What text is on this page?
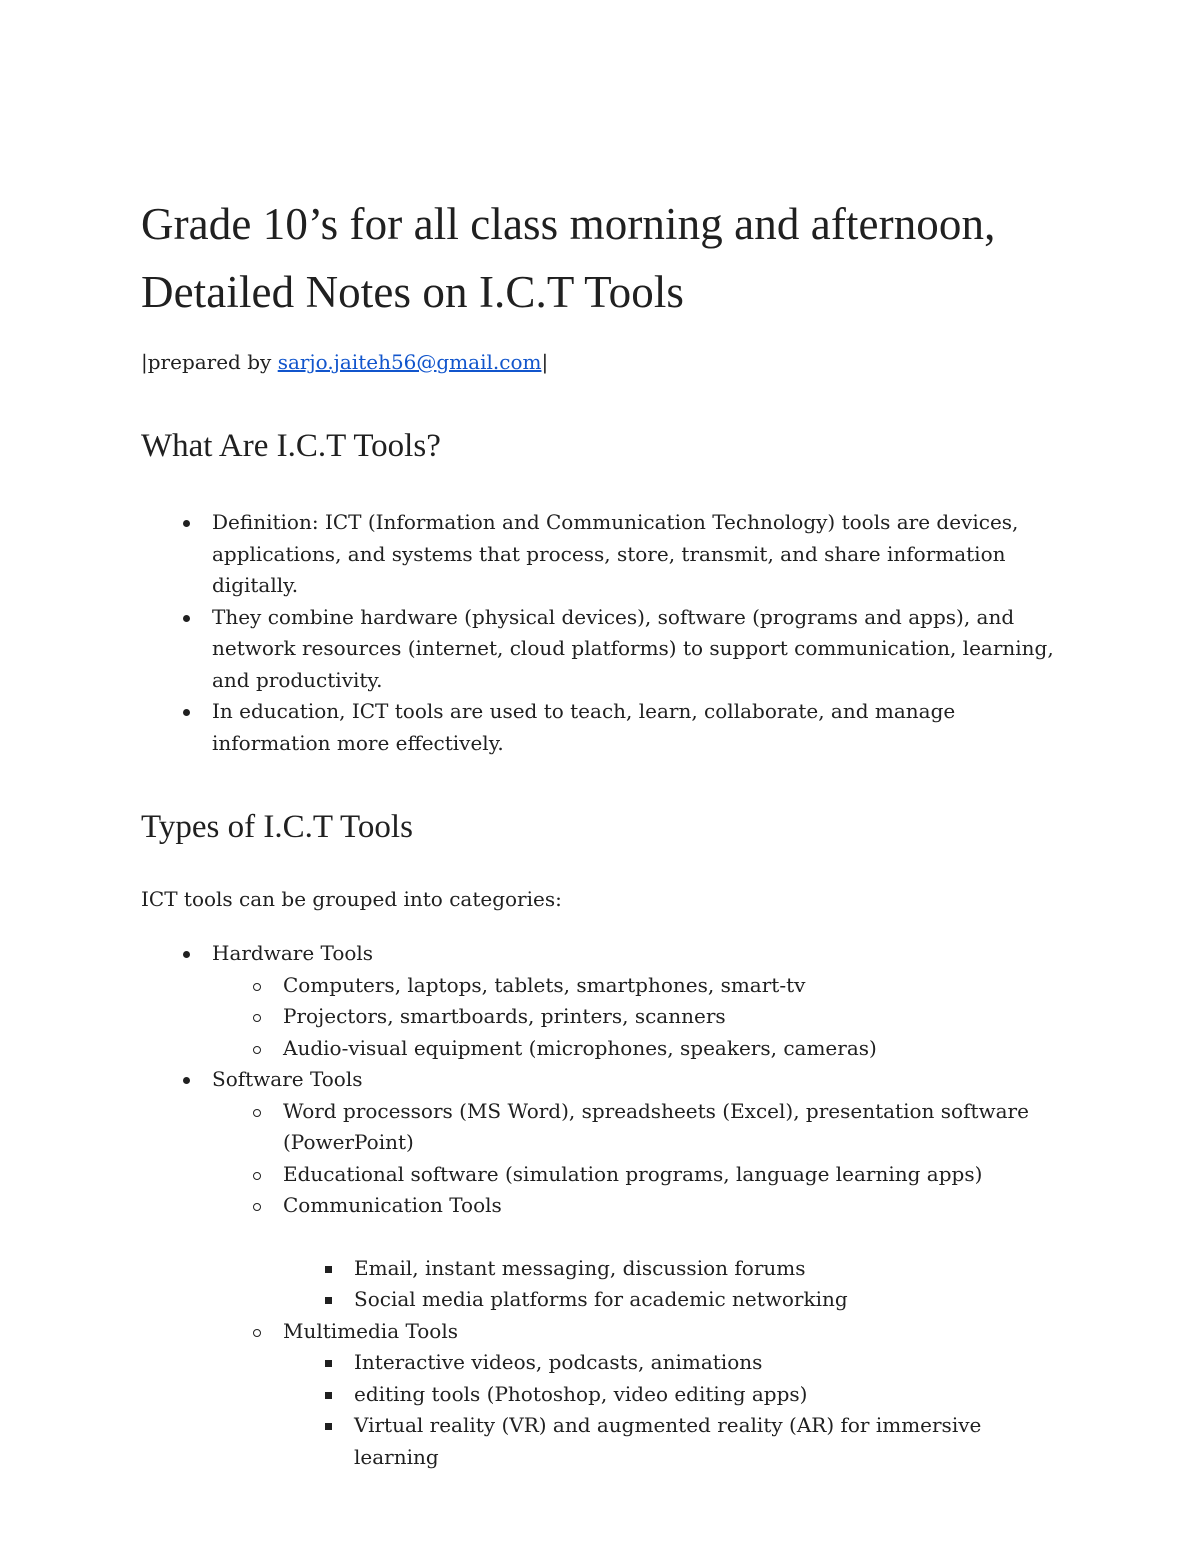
Grade 10’s for all class morning and afternoon, Detailed Notes on I.C.T Tools
|prepared by sarjo.jaiteh56@gmail.com|
What Are I.C.T Tools?
Definition: ICT (Information and Communication Technology) tools are devices, applications, and systems that process, store, transmit, and share information digitally.
They combine hardware (physical devices), software (programs and apps), and network resources (internet, cloud platforms) to support communication, learning, and productivity.
In education, ICT tools are used to teach, learn, collaborate, and manage information more effectively.
Types of I.C.T Tools
ICT tools can be grouped into categories:
Hardware Tools
Computers, laptops, tablets, smartphones, smart-tv
Projectors, smartboards, printers, scanners
Audio-visual equipment (microphones, speakers, cameras)
Software Tools
Word processors (MS Word), spreadsheets (Excel), presentation software (PowerPoint)
Educational software (simulation programs, language learning apps)
Communication Tools
Email, instant messaging, discussion forums
Social media platforms for academic networking
Multimedia Tools
Interactive videos, podcasts, animations
editing tools (Photoshop, video editing apps)
Virtual reality (VR) and augmented reality (AR) for immersive learning
